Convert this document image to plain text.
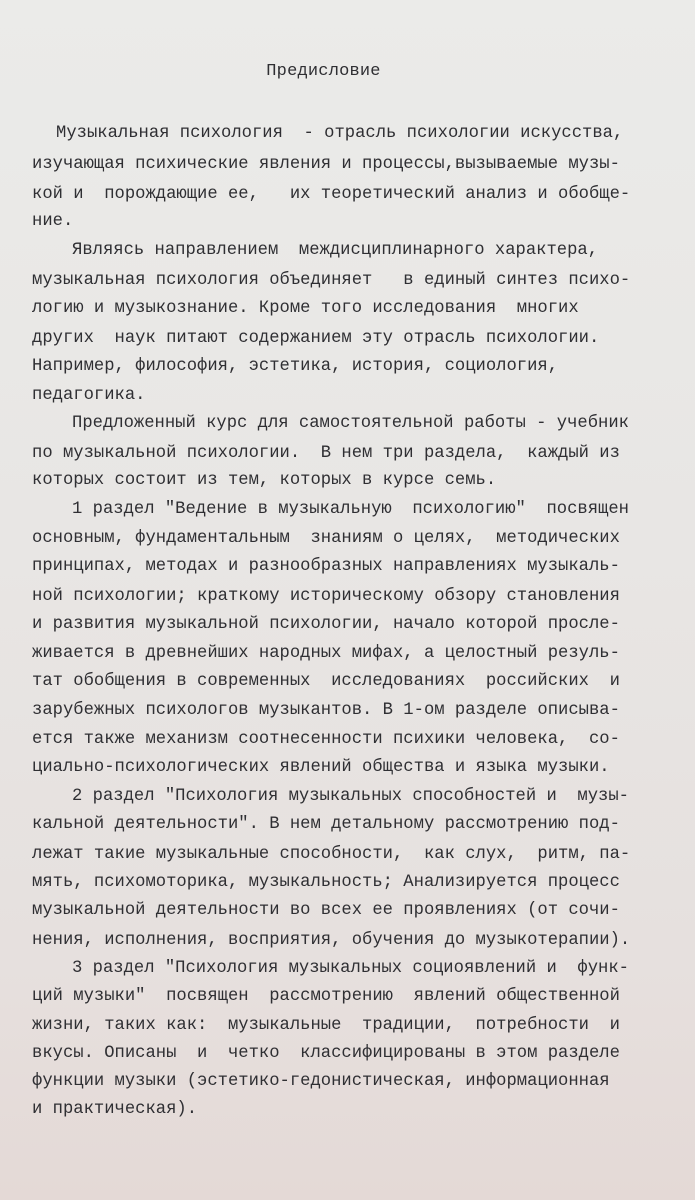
Предисловие
Музыкальная психология  - отрасль психологии искусства,
изучающая психические явления и процессы,вызываемые музы-
кой и  порождающие ее,   их теоретический анализ и обобще-
ние.
Являясь направлением  междисциплинарного характера,
музыкальная психология объединяет   в единый синтез психо-
логию и музыкознание. Кроме того исследования  многих
других  наук питают содержанием эту отрасль психологии.
Например, философия, эстетика, история, социология,
педагогика.
Предложенный курс для самостоятельной работы - учебник
по музыкальной психологии.  В нем три раздела,  каждый из
которых состоит из тем, которых в курсе семь.
1 раздел "Ведение в музыкальную  психологию"  посвящен
основным, фундаментальным  знаниям о целях,  методических
принципах, методах и разнообразных направлениях музыкаль-
ной психологии; краткому историческому обзору становления
и развития музыкальной психологии, начало которой просле-
живается в древнейших народных мифах, а целостный резуль-
тат обобщения в современных  исследованиях  российских  и
зарубежных психологов музыкантов. В 1-ом разделе описыва-
ется также механизм соотнесенности психики человека,  со-
циально-психологических явлений общества и языка музыки.
2 раздел "Психология музыкальных способностей и  музы-
кальной деятельности". В нем детальному рассмотрению под-
лежат такие музыкальные способности,  как слух,  ритм, па-
мять, психомоторика, музыкальность; Анализируется процесс
музыкальной деятельности во всех ее проявлениях (от сочи-
нения, исполнения, восприятия, обучения до музыкотерапии).
3 раздел "Психология музыкальных социоявлений и  функ-
ций музыки"  посвящен  рассмотрению  явлений общественной
жизни, таких как:  музыкальные  традиции,  потребности  и
вкусы. Описаны  и  четко  классифицированы в этом разделе
функции музыки (эстетико-гедонистическая, информационная
и практическая).
